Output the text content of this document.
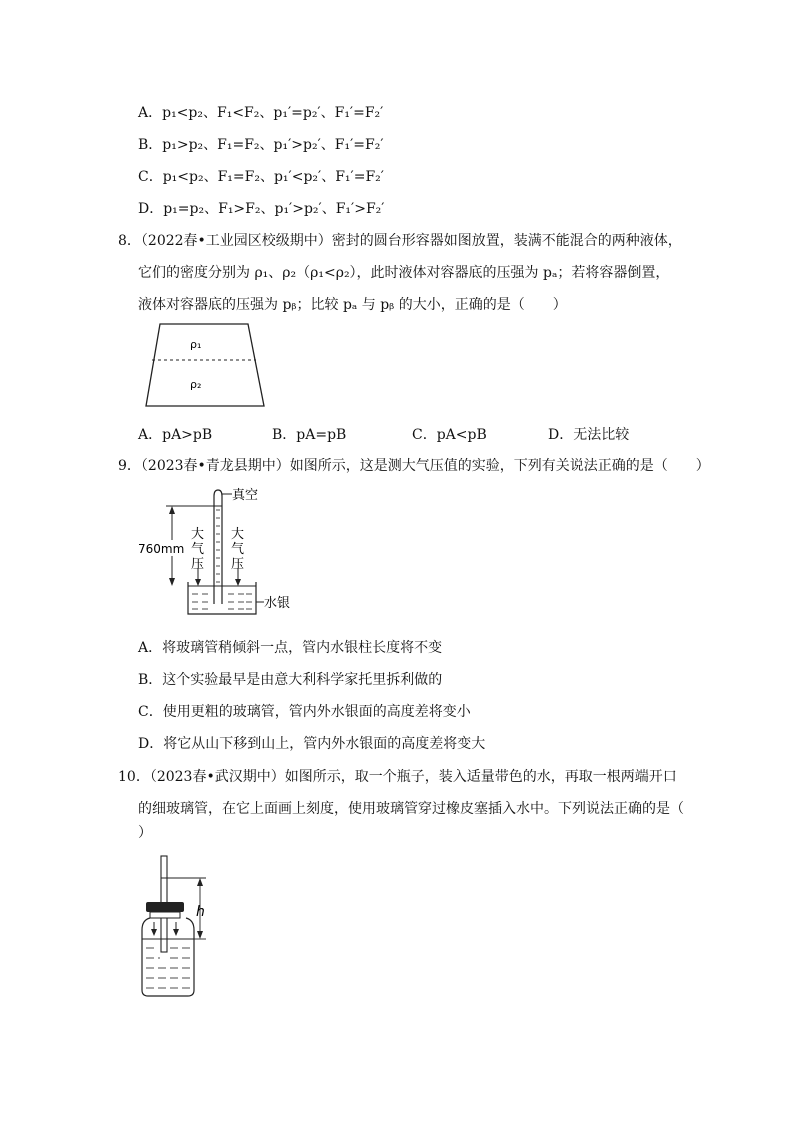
A．p₁<p₂、F₁<F₂、p₁′=p₂′、F₁′=F₂′
B．p₁>p₂、F₁=F₂、p₁′>p₂′、F₁′=F₂′
C．p₁<p₂、F₁=F₂、p₁′<p₂′、F₁′=F₂′
D．p₁=p₂、F₁>F₂、p₁′>p₂′、F₁′>F₂′
8．（2022春•工业园区校级期中）密封的圆台形容器如图放置，装满不能混合的两种液体，
它们的密度分别为 ρ₁、ρ₂（ρ₁<ρ₂），此时液体对容器底的压强为 pₐ；若将容器倒置，
液体对容器底的压强为 pᵦ；比较 pₐ 与 pᵦ 的大小，正确的是（　　）
ρ₁
ρ₂
A．pA>pB	B．pA=pB	C．pA<pB	D．无法比较
9．（2023春•青龙县期中）如图所示，这是测大气压值的实验，下列有关说法正确的是（　　）
真空
760mm
大
气
压
大
气
压
水银
A．将玻璃管稍倾斜一点，管内水银柱长度将不变
B．这个实验最早是由意大利科学家托里拆利做的
C．使用更粗的玻璃管，管内外水银面的高度差将变小
D．将它从山下移到山上，管内外水银面的高度差将变大
10．（2023春•武汉期中）如图所示，取一个瓶子，装入适量带色的水，再取一根两端开口
的细玻璃管，在它上面画上刻度，使用玻璃管穿过橡皮塞插入水中。下列说法正确的是（
）
h
